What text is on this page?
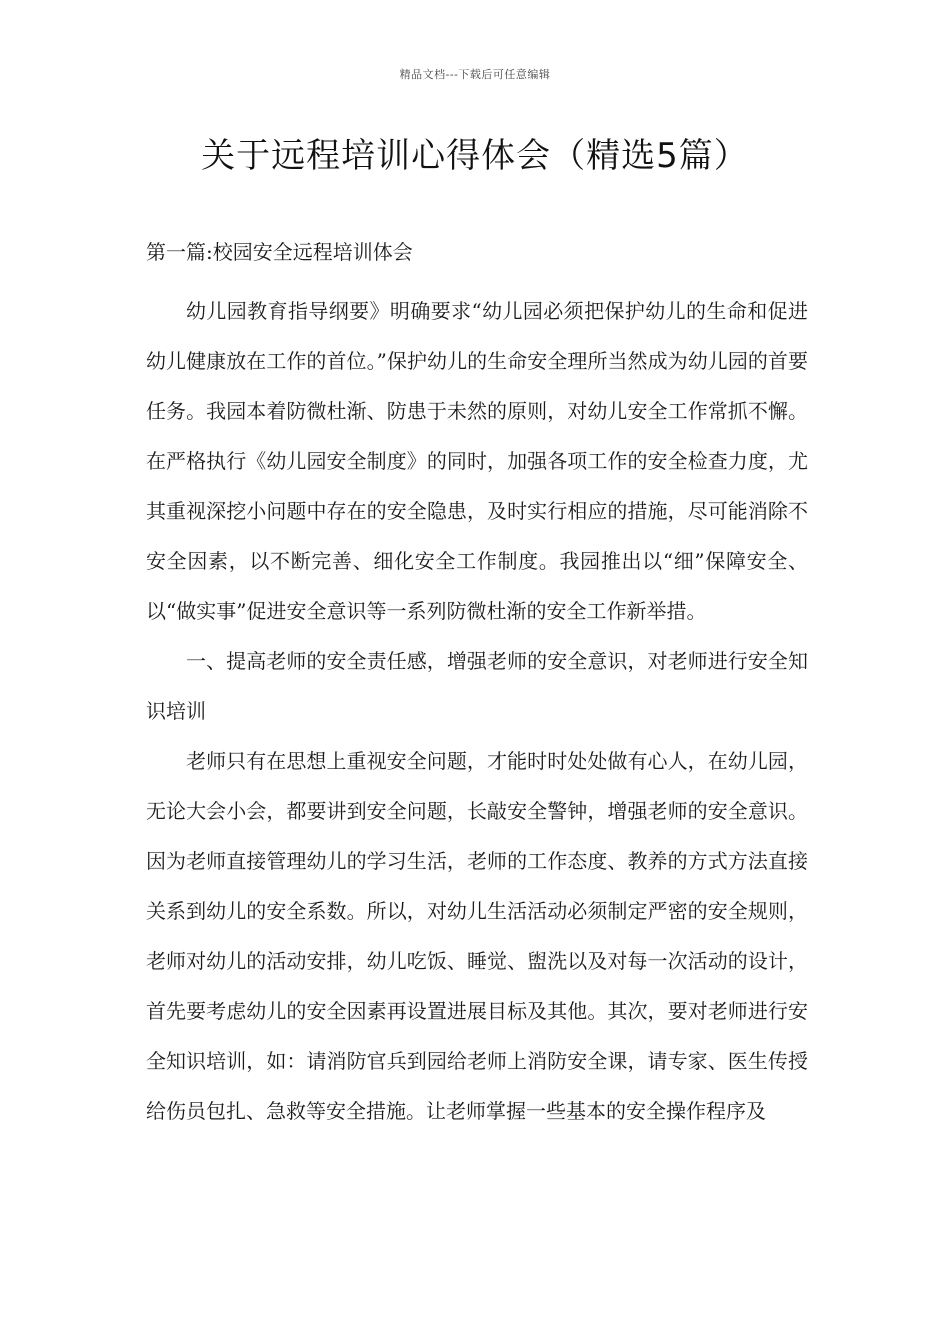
精品文档---下载后可任意编辑
关于远程培训心得体会（精选5篇）
第一篇:校园安全远程培训体会

幼儿园教育指导纲要》明确要求“幼儿园必须把保护幼儿的生命和促进幼儿健康放在工作的首位。”保护幼儿的生命安全理所当然成为幼儿园的首要任务。我园本着防微杜渐、防患于未然的原则，对幼儿安全工作常抓不懈。在严格执行《幼儿园安全制度》的同时，加强各项工作的安全检查力度，尤其重视深挖小问题中存在的安全隐患，及时实行相应的措施，尽可能消除不安全因素，以不断完善、细化安全工作制度。我园推出以“细”保障安全、以“做实事”促进安全意识等一系列防微杜渐的安全工作新举措。

一、提高老师的安全责任感，增强老师的安全意识，对老师进行安全知识培训

老师只有在思想上重视安全问题，才能时时处处做有心人，在幼儿园，无论大会小会，都要讲到安全问题，长敲安全警钟，增强老师的安全意识。因为老师直接管理幼儿的学习生活，老师的工作态度、教养的方式方法直接关系到幼儿的安全系数。所以，对幼儿生活活动必须制定严密的安全规则，老师对幼儿的活动安排，幼儿吃饭、睡觉、盥洗以及对每一次活动的设计，首先要考虑幼儿的安全因素再设置进展目标及其他。其次，要对老师进行安全知识培训，如：请消防官兵到园给老师上消防安全课，请专家、医生传授给伤员包扎、急救等安全措施。让老师掌握一些基本的安全操作程序及
